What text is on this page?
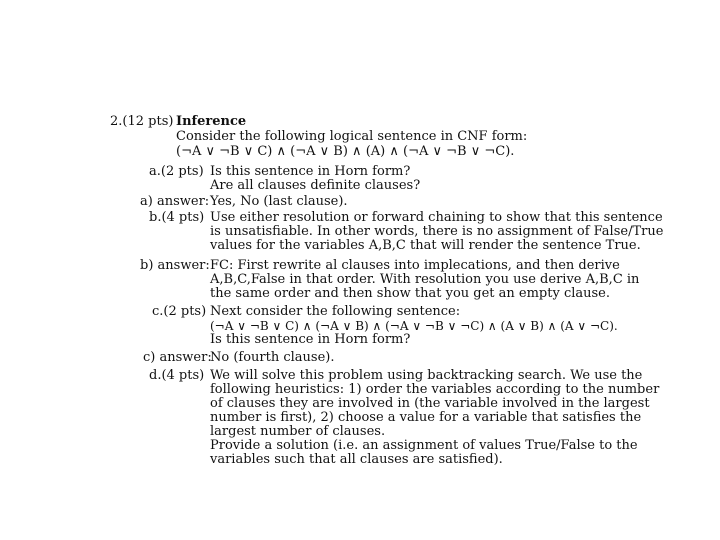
2.(12 pts) Inference
Consider the following logical sentence in CNF form:
(¬A ∨ ¬B ∨ C) ∧ (¬A ∨ B) ∧ (A) ∧ (¬A ∨ ¬B ∨ ¬C).
a.(2 pts) Is this sentence in Horn form?
Are all clauses definite clauses?
a) answer: Yes, No (last clause).
b.(4 pts) Use either resolution or forward chaining to show that this sentence
is unsatisfiable. In other words, there is no assignment of False/True
values for the variables A,B,C that will render the sentence True.
b) answer: FC: First rewrite al clauses into implecations, and then derive
A,B,C,False in that order. With resolution you use derive A,B,C in
the same order and then show that you get an empty clause.
c.(2 pts) Next consider the following sentence:
(¬A ∨ ¬B ∨ C) ∧ (¬A ∨ B) ∧ (¬A ∨ ¬B ∨ ¬C) ∧ (A ∨ B) ∧ (A ∨ ¬C).
Is this sentence in Horn form?
c) answer:
No (fourth clause).
d.(4 pts) We will solve this problem using backtracking search. We use the
following heuristics: 1) order the variables according to the number
of clauses they are involved in (the variable involved in the largest
number is first), 2) choose a value for a variable that satisfies the
largest number of clauses.
Provide a solution (i.e. an assignment of values True/False to the
variables such that all clauses are satisfied).
